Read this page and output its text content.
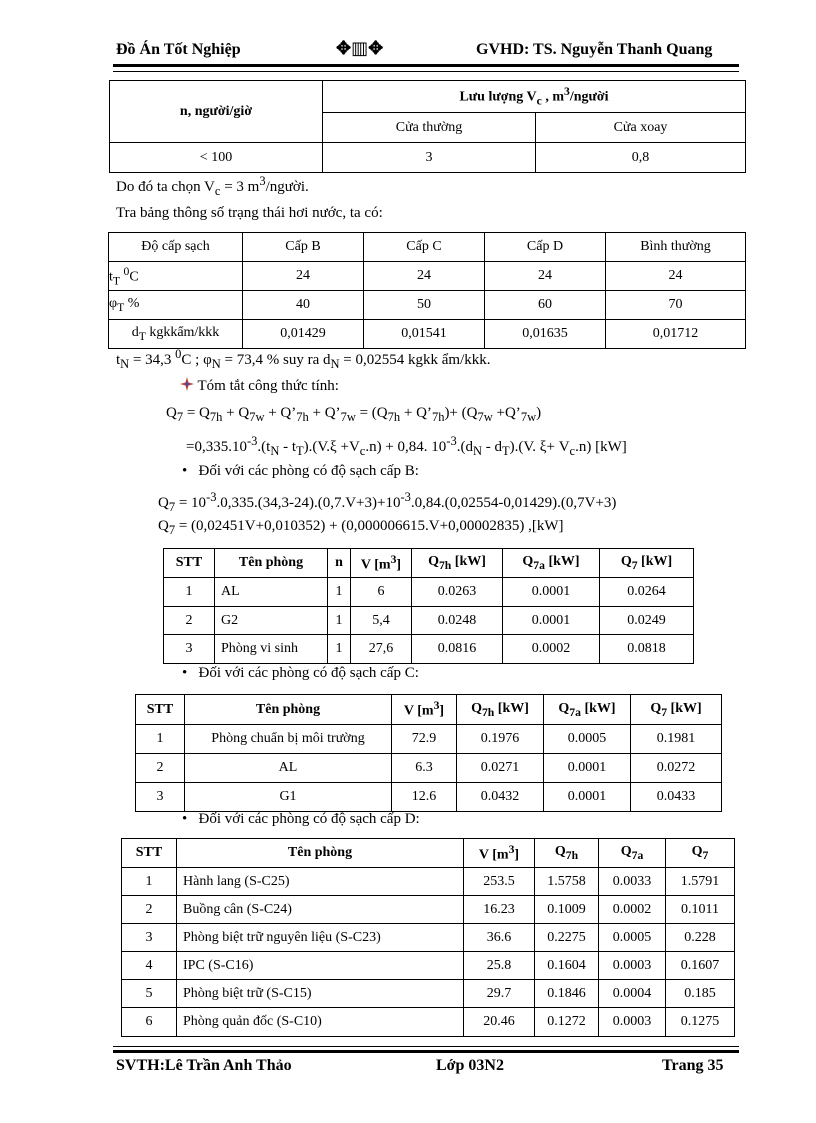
Đồ Án Tốt Nghiệp	✥▥✥	GVHD: TS. Nguyễn Thanh Quang
n, người/giờ	Lưu lượng $V_c$ , $m^3$/người	
	Cửa thường	Cửa xoay
< 100	3	0,8
Do đó ta chọn $V_c = 3$ $m^3$/người.
Tra bảng thông số trạng thái hơi nước, ta có:
Độ cấp sạch	Cấp B	Cấp C	Cấp D	Bình thường
$t_T$ $^0$C	24	24	24	24
$\varphi_T$ %	40	50	60	70
$d_T$ kgkkẩm/kkk	0,01429	0,01541	0,01635	0,01712
$t_N = 34,3$ $^0$C ; $\varphi_N = 73,4$ % suy ra $d_N = 0,02554$ kgkk ẩm/kkk.
Tóm tắt công thức tính:
$Q_7 = Q_{7h} + Q_{7w}$ + $Q’_{7h}$ + $Q’_{7w} = (Q_{7h}$ + $Q’_{7h})+ (Q_{7w}$ $+Q’_{7w}$)
$=0,335.10^{-3}.(t_N - t_T).(V.\xi +V_c.n) + 0,84$. $10^{-3}.(d_N - d_T).(V$. $\xi+ V_c.n$) [kW]
•   Đối với các phòng có độ sạch cấp B:
$Q_7 = 10^{-3}.0,335.(34,3-24).(0,7.V+3)+10^{-3}.0,84.(0,02554-0,01429).(0,7V+3)$
$Q_7 = (0,02451V+0,010352) + (0,000006615.V+0,00002835)$ ,[kW]
STT	Tên phòng	n	V $[m^3]$	$Q_{7h}$ [kW]	$Q_{7a}$ [kW]	$Q_7$ [kW]
1	AL	1	6	0.0263	0.0001	0.0264
2	G2	1	5,4	0.0248	0.0001	0.0249
3	Phòng vi sinh	1	27,6	0.0816	0.0002	0.0818
•   Đối với các phòng có độ sạch cấp C:
STT	Tên phòng	V $[m^3]$	$Q_{7h}$ [kW]	$Q_{7a}$ [kW]	$Q_7$ [kW]
1	Phòng chuẩn bị môi trường	72.9	0.1976	0.0005	0.1981
2	AL	6.3	0.0271	0.0001	0.0272
3	G1	12.6	0.0432	0.0001	0.0433
•   Đối với các phòng có độ sạch cấp D:
STT	Tên phòng	V $[m^3]$	$Q_{7h}$	$Q_{7a}$	$Q_7$
1	Hành lang (S-C25)	253.5	1.5758	0.0033	1.5791
2	Buồng cân (S-C24)	16.23	0.1009	0.0002	0.1011
3	Phòng biệt trữ nguyên liệu (S-C23)	36.6	0.2275	0.0005	0.228
4	IPC (S-C16)	25.8	0.1604	0.0003	0.1607
5	Phòng biệt trữ (S-C15)	29.7	0.1846	0.0004	0.185
6	Phòng quản đốc (S-C10)	20.46	0.1272	0.0003	0.1275
SVTH:Lê Trần Anh Thảo	Lớp 03N2	Trang 35
